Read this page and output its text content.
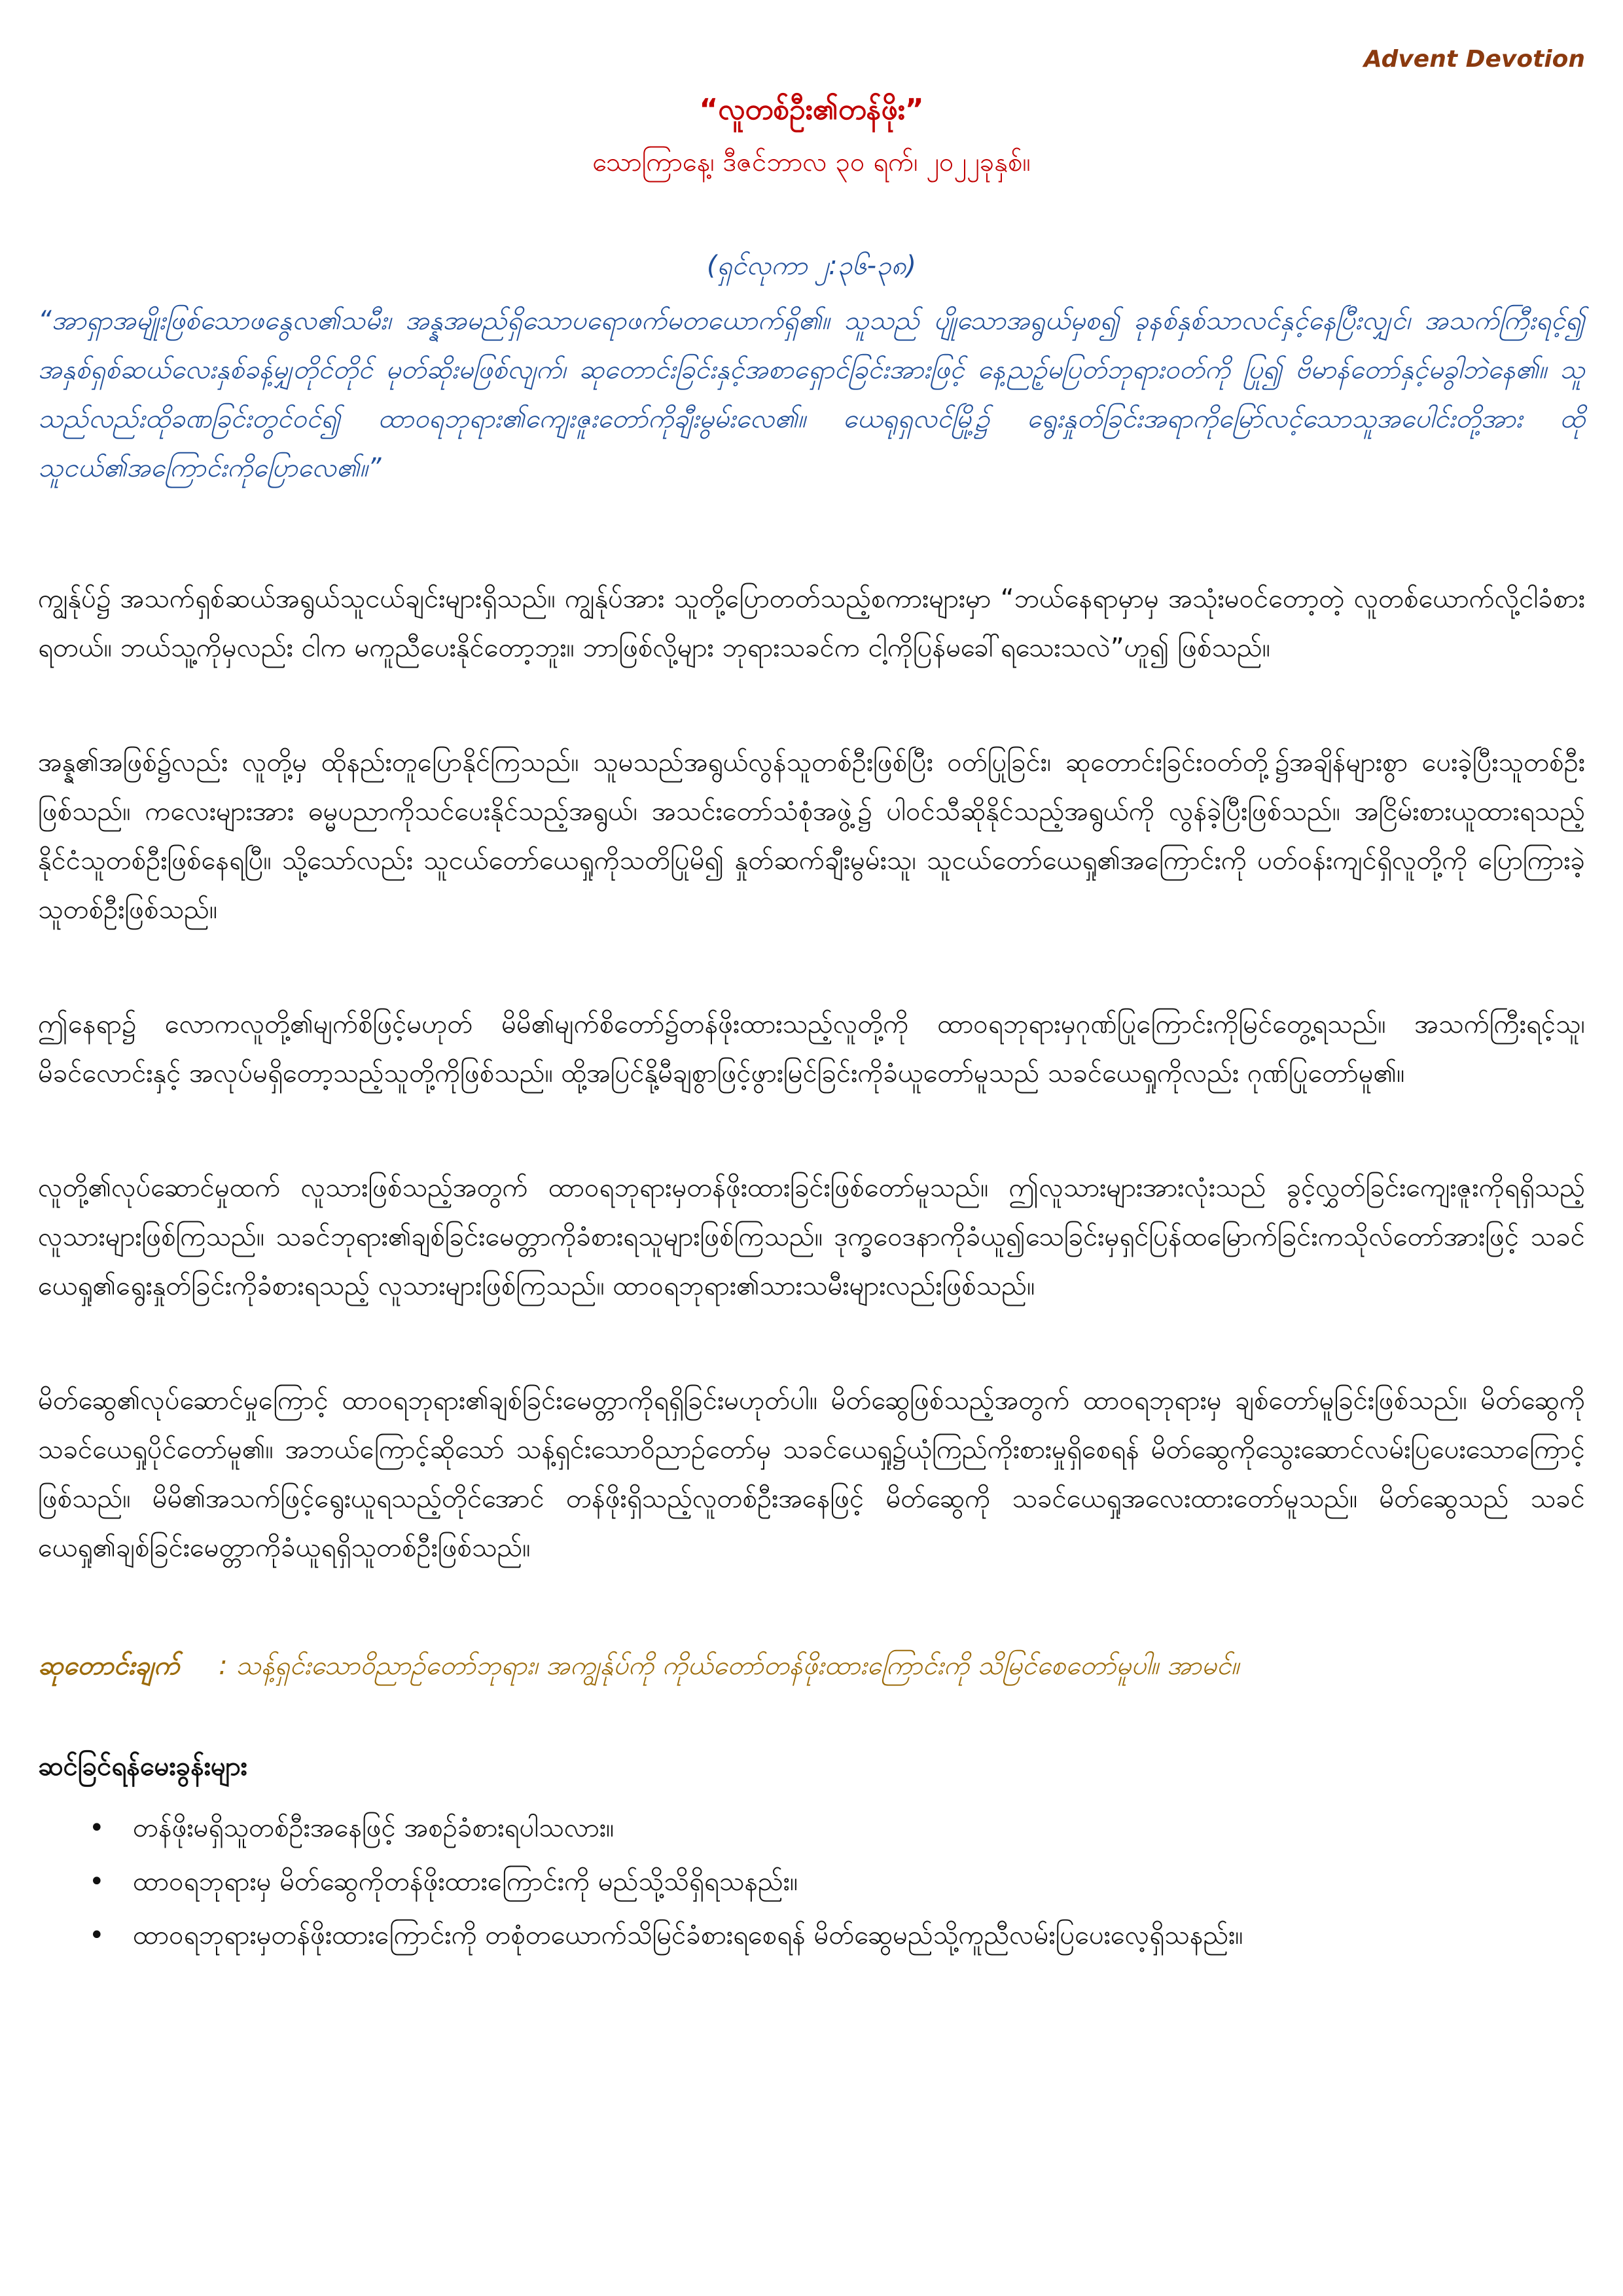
Advent Devotion
“လူတစ်ဦး၏တန်ဖိုး”
သောကြာနေ့၊ ဒီဇင်ဘာလ ၃၀ ရက်၊ ၂၀၂၂ခုနှစ်။
(ရှင်လုကာ ၂:၃၆-၃၈)

“အာရှာအမျိုးဖြစ်သောဖနွေလ၏သမီး၊ အန္နအမည်ရှိသောပရောဖက်မတယောက်ရှိ၏။ သူသည် ပျိုသောအရွယ်မှစ၍ ခုနစ်နှစ်သာလင်နှင့်နေပြီးလျှင်၊ အသက်ကြီးရင့်၍ အနှစ်ရှစ်ဆယ်လေးနှစ်ခန့်မျှတိုင်တိုင် မုတ်ဆိုးမဖြစ်လျက်၊ ဆုတောင်းခြင်းနှင့်အစာရှောင်ခြင်းအားဖြင့် နေ့ညဉ့်မပြတ်ဘုရားဝတ်ကို ပြု၍ ဗိမာန်တော်နှင့်မခွါဘဲနေ၏။ သူသည်လည်းထိုခဏခြင်းတွင်ဝင်၍ ထာဝရဘုရား၏ကျေးဇူးတော်ကိုချီးမွမ်းလေ၏။ ယေရုရှလင်မြို့၌ ရွေးနှုတ်ခြင်းအရာကိုမြော်လင့်သောသူအပေါင်းတို့အား ထိုသူငယ်၏အကြောင်းကိုပြောလေ၏။”

ကျွန်ုပ်၌ အသက်ရှစ်ဆယ်အရွယ်သူငယ်ချင်းများရှိသည်။ ကျွန်ုပ်အား သူတို့ပြောတတ်သည့်စကားများမှာ “ဘယ်နေရာမှာမှ အသုံးမဝင်တော့တဲ့ လူတစ်ယောက်လို့ငါခံစားရတယ်။ ဘယ်သူ့ကိုမှလည်း ငါက မကူညီပေးနိုင်တော့ဘူး။ ဘာဖြစ်လို့များ ဘုရားသခင်က ငါ့ကိုပြန်မခေါ်ရသေးသလဲ”ဟူ၍ ဖြစ်သည်။

အန္န၏အဖြစ်၌လည်း လူတို့မှ ထိုနည်းတူပြောနိုင်ကြသည်။ သူမသည်အရွယ်လွန်သူတစ်ဦးဖြစ်ပြီး ဝတ်ပြုခြင်း၊ ဆုတောင်းခြင်းဝတ်တို့၌အချိန်များစွာ ပေးခဲ့ပြီးသူတစ်ဦးဖြစ်သည်။ ကလေးများအား ဓမ္မပညာကိုသင်ပေးနိုင်သည့်အရွယ်၊ အသင်းတော်သံစုံအဖွဲ့၌ ပါဝင်သီဆိုနိုင်သည့်အရွယ်ကို လွန်ခဲ့ပြီးဖြစ်သည်။ အငြိမ်းစားယူထားရသည့်နိုင်ငံသူတစ်ဦးဖြစ်နေရပြီ။ သို့သော်လည်း သူငယ်တော်ယေရှုကိုသတိပြုမိ၍ နှုတ်ဆက်ချီးမွမ်းသူ၊ သူငယ်တော်ယေရှု၏အကြောင်းကို ပတ်ဝန်းကျင်ရှိလူတို့ကို ပြောကြားခဲ့သူတစ်ဦးဖြစ်သည်။

ဤနေရာ၌ လောကလူတို့၏မျက်စိဖြင့်မဟုတ် မိမိ၏မျက်စိတော်၌တန်ဖိုးထားသည့်လူတို့ကို ထာဝရဘုရားမှဂုဏ်ပြုကြောင်းကိုမြင်တွေ့ရသည်။ အသက်ကြီးရင့်သူ၊ မိခင်လောင်းနှင့် အလုပ်မရှိတော့သည့်သူတို့ကိုဖြစ်သည်။ ထို့အပြင်နို့မီချစွာဖြင့်ဖွားမြင်ခြင်းကိုခံယူတော်မူသည် သခင်ယေရှုကိုလည်း ဂုဏ်ပြုတော်မူ၏။

လူတို့၏လုပ်ဆောင်မှုထက် လူသားဖြစ်သည့်အတွက် ထာဝရဘုရားမှတန်ဖိုးထားခြင်းဖြစ်တော်မူသည်။ ဤလူသားများအားလုံးသည် ခွင့်လွှတ်ခြင်းကျေးဇူးကိုရရှိသည့်လူသားများဖြစ်ကြသည်။ သခင်ဘုရား၏ချစ်ခြင်းမေတ္တာကိုခံစားရသူများဖြစ်ကြသည်။ ဒုက္ခဝေဒနာကိုခံယူ၍သေခြင်းမှရှင်ပြန်ထမြောက်ခြင်းကသိုလ်တော်အားဖြင့် သခင်ယေရှု၏ရွေးနှုတ်ခြင်းကိုခံစားရသည့် လူသားများဖြစ်ကြသည်။ ထာဝရဘုရား၏သားသမီးများလည်းဖြစ်သည်။

မိတ်ဆွေ၏လုပ်ဆောင်မှုကြောင့် ထာဝရဘုရား၏ချစ်ခြင်းမေတ္တာကိုရရှိခြင်းမဟုတ်ပါ။ မိတ်ဆွေဖြစ်သည့်အတွက် ထာဝရဘုရားမှ ချစ်တော်မူခြင်းဖြစ်သည်။ မိတ်ဆွေကို သခင်ယေရှုပိုင်တော်မူ၏။ အဘယ်ကြောင့်ဆိုသော် သန့်ရှင်းသောဝိညာဉ်တော်မှ သခင်ယေရှု၌ယုံကြည်ကိုးစားမှုရှိစေရန် မိတ်ဆွေကိုသွေးဆောင်လမ်းပြပေးသောကြောင့်ဖြစ်သည်။ မိမိ၏အသက်ဖြင့်ရွေးယူရသည့်တိုင်အောင် တန်ဖိုးရှိသည့်လူတစ်ဦးအနေဖြင့် မိတ်ဆွေကို သခင်ယေရှုအလေးထားတော်မူသည်။ မိတ်ဆွေသည် သခင်ယေရှု၏ချစ်ခြင်းမေတ္တာကိုခံယူရရှိသူတစ်ဦးဖြစ်သည်။

ဆုတောင်းချက် : သန့်ရှင်းသောဝိညာဉ်တော်ဘုရား၊ အကျွန်ုပ်ကို ကိုယ်တော်တန်ဖိုးထားကြောင်းကို သိမြင်စေတော်မူပါ။ အာမင်။
ဆင်ခြင်ရန်မေးခွန်းများ
• တန်ဖိုးမရှိသူတစ်ဦးအနေဖြင့် အစဉ်ခံစားရပါသလား။
• ထာဝရဘုရားမှ မိတ်ဆွေကိုတန်ဖိုးထားကြောင်းကို မည်သို့သိရှိရသနည်း။
• ထာဝရဘုရားမှတန်ဖိုးထားကြောင်းကို တစုံတယောက်သိမြင်ခံစားရစေရန် မိတ်ဆွေမည်သို့ကူညီလမ်းပြပေးလေ့ရှိသနည်း။
